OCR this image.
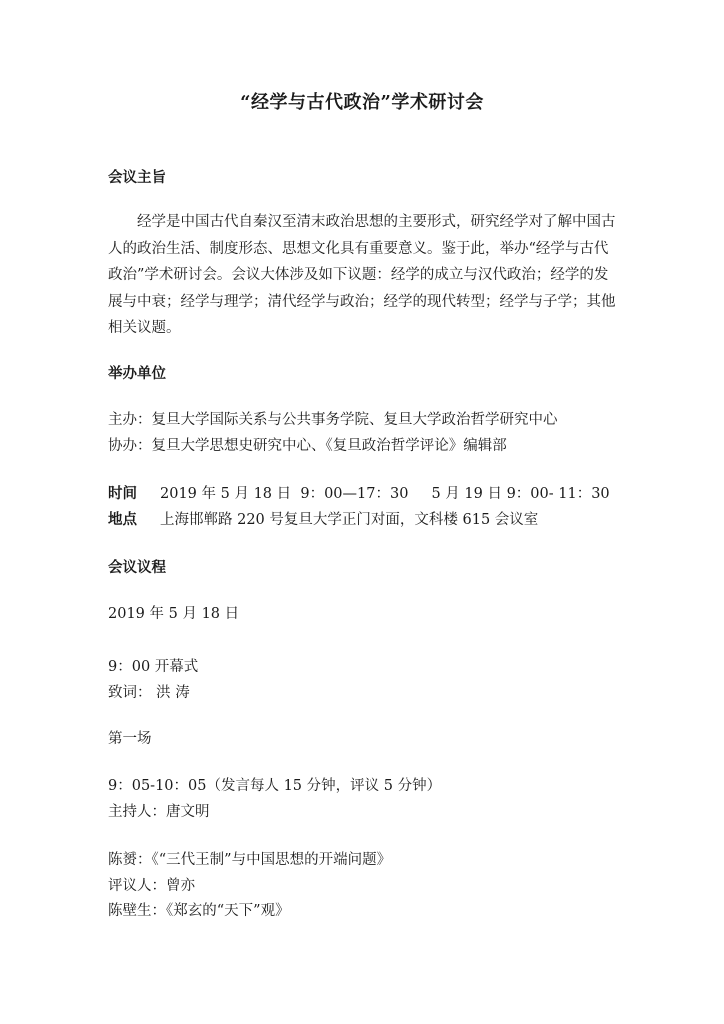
“经学与古代政治”学术研讨会
会议主旨

经学是中国古代自秦汉至清末政治思想的主要形式，研究经学对了解中国古人的政治生活、制度形态、思想文化具有重要意义。鉴于此，举办“经学与古代政治”学术研讨会。会议大体涉及如下议题：经学的成立与汉代政治；经学的发展与中衰；经学与理学；清代经学与政治；经学的现代转型；经学与子学；其他相关议题。

举办单位

主办：复旦大学国际关系与公共事务学院、复旦大学政治哲学研究中心

协办：复旦大学思想史研究中心、《复旦政治哲学评论》编辑部

时间 2019 年 5 月 18 日  9：00—17：30     5 月 19 日 9：00- 11：30

地点 上海邯郸路 220 号复旦大学正门对面，文科楼 615 会议室

会议议程

2019 年 5 月 18 日

9：00 开幕式

致词： 洪 涛

第一场

9：05-10：05（发言每人 15 分钟，评议 5 分钟）

主持人：唐文明

陈赟：《“三代王制”与中国思想的开端问题》

评议人：曾亦

陈壁生：《郑玄的“天下”观》
